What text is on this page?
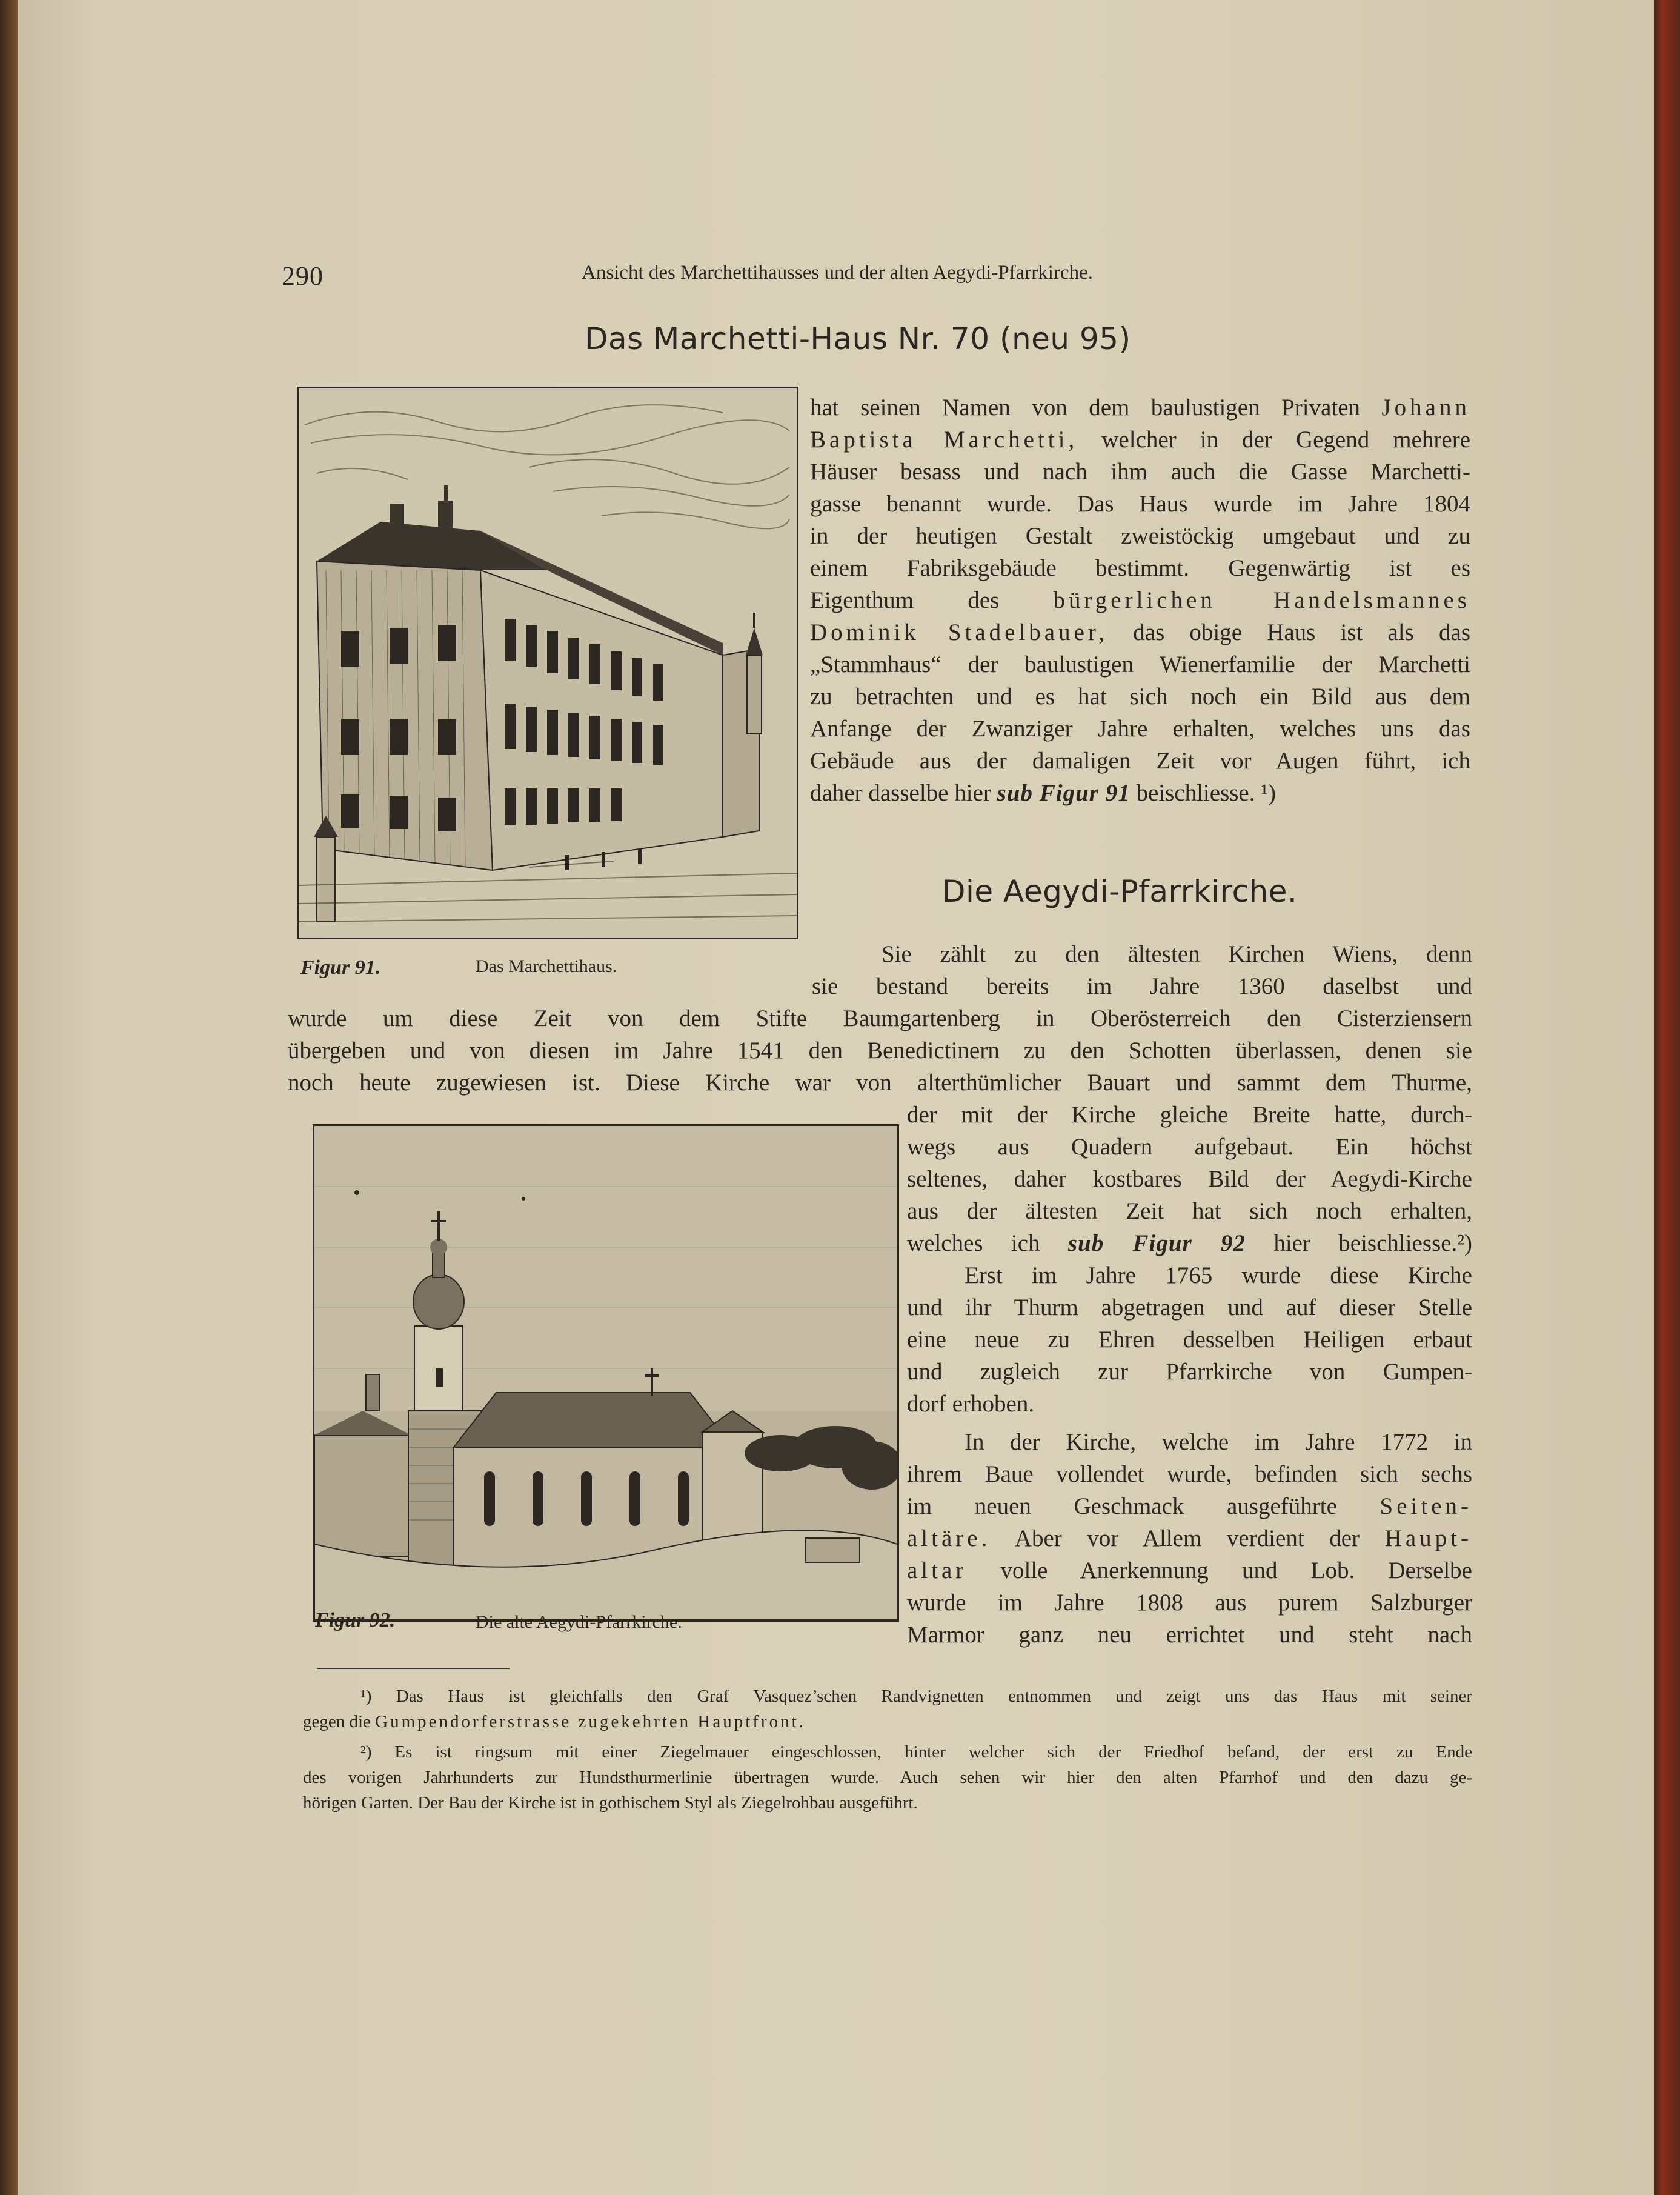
290	Ansicht des Marchettihausses und der alten Aegydi-Pfarrkirche.
Das Marchetti-Haus Nr. 70 (neu 95)
Figur 91.	Das Marchettihaus.

hat seinen Namen von dem baulustigen Privaten Johann

Baptista Marchetti, welcher in der Gegend mehrere

Häuser besass und nach ihm auch die Gasse Marchetti-

gasse benannt wurde. Das Haus wurde im Jahre 1804

in der heutigen Gestalt zweistöckig umgebaut und zu

einem Fabriksgebäude bestimmt. Gegenwärtig ist es

Eigenthum des bürgerlichen Handelsmannes

Dominik Stadelbauer, das obige Haus ist als das

„Stammhaus“ der baulustigen Wienerfamilie der Marchetti

zu betrachten und es hat sich noch ein Bild aus dem

Anfange der Zwanziger Jahre erhalten, welches uns das

Gebäude aus der damaligen Zeit vor Augen führt, ich

daher dasselbe hier sub Figur 91 beischliesse. ¹)

Die Aegydi-Pfarrkirche.

Sie zählt zu den ältesten Kirchen Wiens, denn

sie bestand bereits im Jahre 1360 daselbst und

wurde um diese Zeit von dem Stifte Baumgartenberg in Oberösterreich den Cisterziensern

übergeben und von diesen im Jahre 1541 den Benedictinern zu den Schotten überlassen, denen sie

noch heute zugewiesen ist. Diese Kirche war von alterthümlicher Bauart und sammt dem Thurme,

Figur 92.	Die alte Aegydi-Pfarrkirche.

der mit der Kirche gleiche Breite hatte, durch-

wegs aus Quadern aufgebaut. Ein höchst

seltenes, daher kostbares Bild der Aegydi-Kirche

aus der ältesten Zeit hat sich noch erhalten,

welches ich sub Figur 92 hier beischliesse.²)

Erst im Jahre 1765 wurde diese Kirche

und ihr Thurm abgetragen und auf dieser Stelle

eine neue zu Ehren desselben Heiligen erbaut

und zugleich zur Pfarrkirche von Gumpen-

dorf erhoben.

In der Kirche, welche im Jahre 1772 in

ihrem Baue vollendet wurde, befinden sich sechs

im neuen Geschmack ausgeführte Seiten-

altäre. Aber vor Allem verdient der Haupt-

altar volle Anerkennung und Lob. Derselbe

wurde im Jahre 1808 aus purem Salzburger

Marmor ganz neu errichtet und steht nach

¹) Das Haus ist gleichfalls den Graf Vasquez’schen Randvignetten entnommen und zeigt uns das Haus mit seiner

gegen die Gumpendorferstrasse zugekehrten Hauptfront.

²) Es ist ringsum mit einer Ziegelmauer eingeschlossen, hinter welcher sich der Friedhof befand, der erst zu Ende

des vorigen Jahrhunderts zur Hundsthurmerlinie übertragen wurde. Auch sehen wir hier den alten Pfarrhof und den dazu ge-

hörigen Garten. Der Bau der Kirche ist in gothischem Styl als Ziegelrohbau ausgeführt.
